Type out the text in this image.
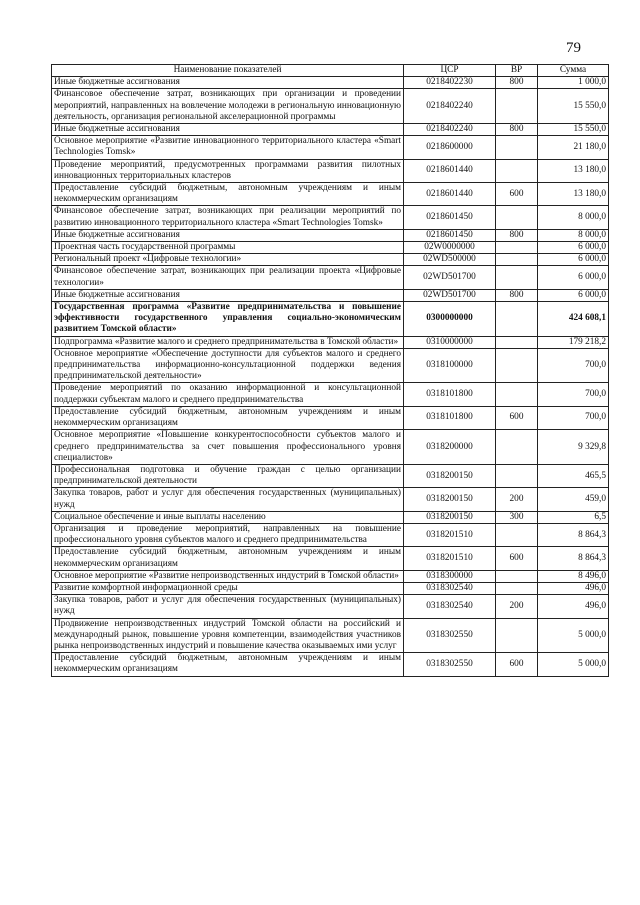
79
Наименование показателей	ЦСР	ВР	Сумма
Иные бюджетные ассигнования	0218402230	800	1 000,0
Финансовое обеспечение затрат, возникающих при организации и проведении мероприятий, направленных на вовлечение молодежи в региональную инновационную деятельность, организация региональной акселерационной программы	0218402240		15 550,0
Иные бюджетные ассигнования	0218402240	800	15 550,0
Основное мероприятие «Развитие инновационного территориального кластера «Smart Technologies Tomsk»	0218600000		21 180,0
Проведение мероприятий, предусмотренных программами развития пилотных инновационных территориальных кластеров	0218601440		13 180,0
Предоставление субсидий бюджетным, автономным учреждениям и иным некоммерческим организациям	0218601440	600	13 180,0
Финансовое обеспечение затрат, возникающих при реализации мероприятий по развитию инновационного территориального кластера «Smart Technologies Tomsk»	0218601450		8 000,0
Иные бюджетные ассигнования	0218601450	800	8 000,0
Проектная часть государственной программы	02W0000000		6 000,0
Региональный проект «Цифровые технологии»	02WD500000		6 000,0
Финансовое обеспечение затрат, возникающих при реализации проекта «Цифровые технологии»	02WD501700		6 000,0
Иные бюджетные ассигнования	02WD501700	800	6 000,0
Государственная программа «Развитие предпринимательства и повышение эффективности государственного управления социально-экономическим развитием Томской области»	0300000000		424 608,1
Подпрограмма «Развитие малого и среднего предпринимательства в Томской области»	0310000000		179 218,2
Основное мероприятие «Обеспечение доступности для субъектов малого и среднего предпринимательства информационно-консультационной поддержки ведения предпринимательской деятельности»	0318100000		700,0
Проведение мероприятий по оказанию информационной и консультационной поддержки субъектам малого и среднего предпринимательства	0318101800		700,0
Предоставление субсидий бюджетным, автономным учреждениям и иным некоммерческим организациям	0318101800	600	700,0
Основное мероприятие «Повышение конкурентоспособности субъектов малого и среднего предпринимательства за счет повышения профессионального уровня специалистов»	0318200000		9 329,8
Профессиональная подготовка и обучение граждан с целью организации предпринимательской деятельности	0318200150		465,5
Закупка товаров, работ и услуг для обеспечения государственных (муниципальных) нужд	0318200150	200	459,0
Социальное обеспечение и иные выплаты населению	0318200150	300	6,5
Организация и проведение мероприятий, направленных на повышение профессионального уровня субъектов малого и среднего предпринимательства	0318201510		8 864,3
Предоставление субсидий бюджетным, автономным учреждениям и иным некоммерческим организациям	0318201510	600	8 864,3
Основное мероприятие «Развитие непроизводственных индустрий в Томской области»	0318300000		8 496,0
Развитие комфортной информационной среды	0318302540		496,0
Закупка товаров, работ и услуг для обеспечения государственных (муниципальных) нужд	0318302540	200	496,0
Продвижение непроизводственных индустрий Томской области на российский и международный рынок, повышение уровня компетенции, взаимодействия участников рынка непроизводственных индустрий и повышение качества оказываемых ими услуг	0318302550		5 000,0
Предоставление субсидий бюджетным, автономным учреждениям и иным некоммерческим организациям	0318302550	600	5 000,0
